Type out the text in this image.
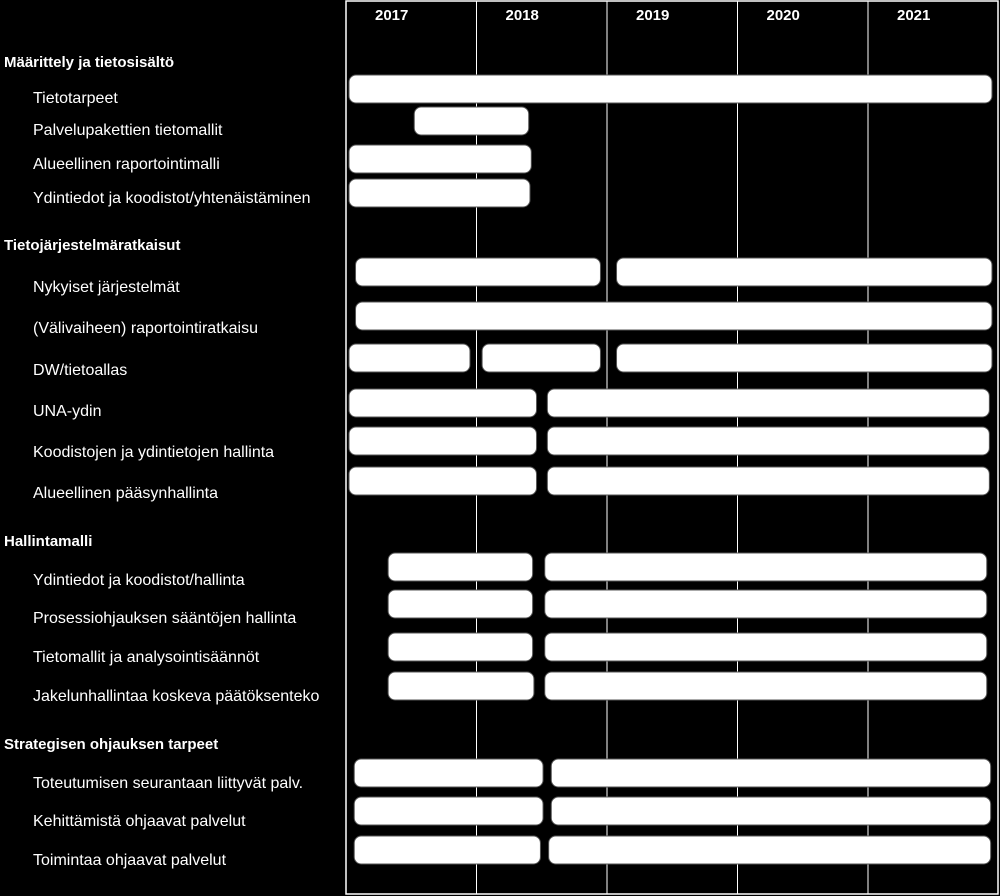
2017	2018	2019	2020	2021
Määrittely ja tietosisältö
Tietotarpeet
Palvelupakettien tietomallit
Alueellinen raportointimalli
Ydintiedot ja koodistot/yhtenäistäminen
Tietojärjestelmäratkaisut
Nykyiset järjestelmät
(Välivaiheen) raportointiratkaisu
DW/tietoallas
UNA-ydin
Koodistojen ja ydintietojen hallinta
Alueellinen pääsynhallinta
Hallintamalli
Ydintiedot ja koodistot/hallinta
Prosessiohjauksen sääntöjen hallinta
Tietomallit ja analysointisäännöt
Jakelunhallintaa koskeva päätöksenteko
Strategisen ohjauksen tarpeet
Toteutumisen seurantaan liittyvät palv.
Kehittämistä ohjaavat palvelut
Toimintaa ohjaavat palvelut
